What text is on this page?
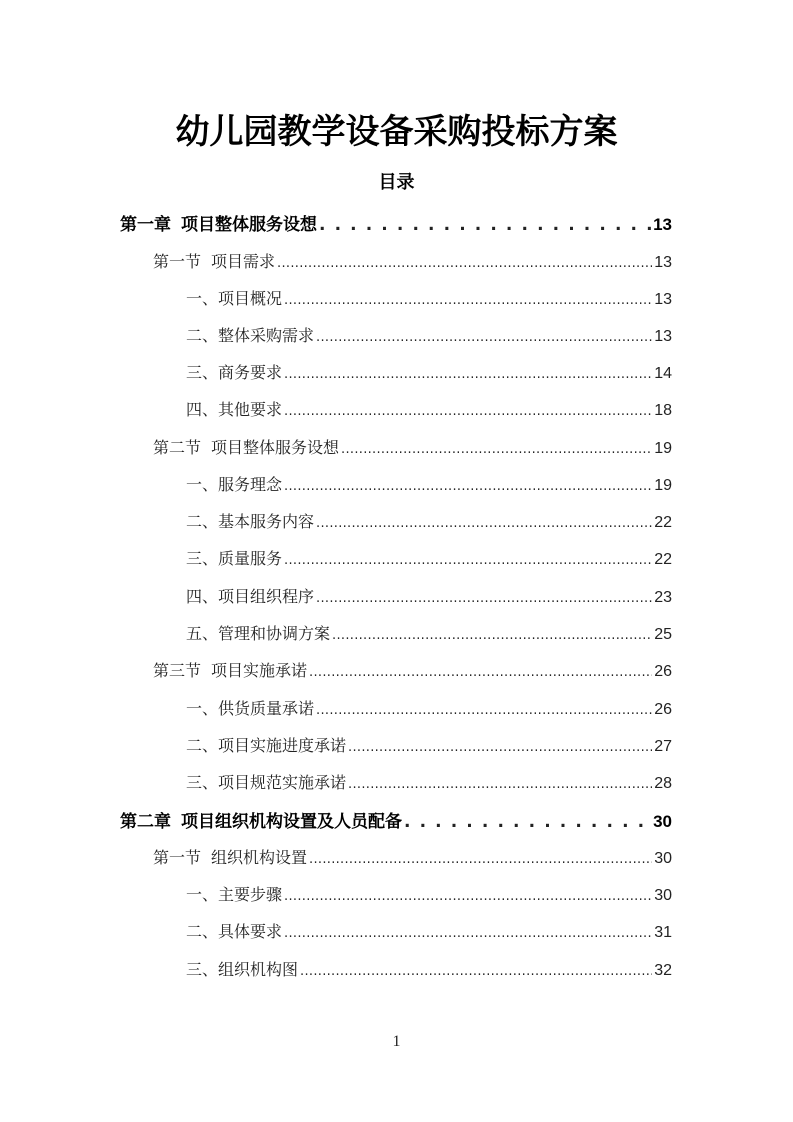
幼儿园教学设备采购投标方案
目录
第一章 项目整体服务设想 . . .	13
第一节 项目需求 .....	13
一、项目概况 .....	13
二、整体采购需求 .....	13
三、商务要求 .....	14
四、其他要求 .....	18
第二节 项目整体服务设想 .....	19
一、服务理念 .....	19
二、基本服务内容 .....	22
三、质量服务 .....	22
四、项目组织程序 .....	23
五、管理和协调方案 .....	25
第三节 项目实施承诺 .....	26
一、供货质量承诺 .....	26
二、项目实施进度承诺 .....	27
三、项目规范实施承诺 .....	28
第二章 项目组织机构设置及人员配备 . . .	30
第一节 组织机构设置 .....	30
一、主要步骤 .....	30
二、具体要求 .....	31
三、组织机构图 .....	32
1
